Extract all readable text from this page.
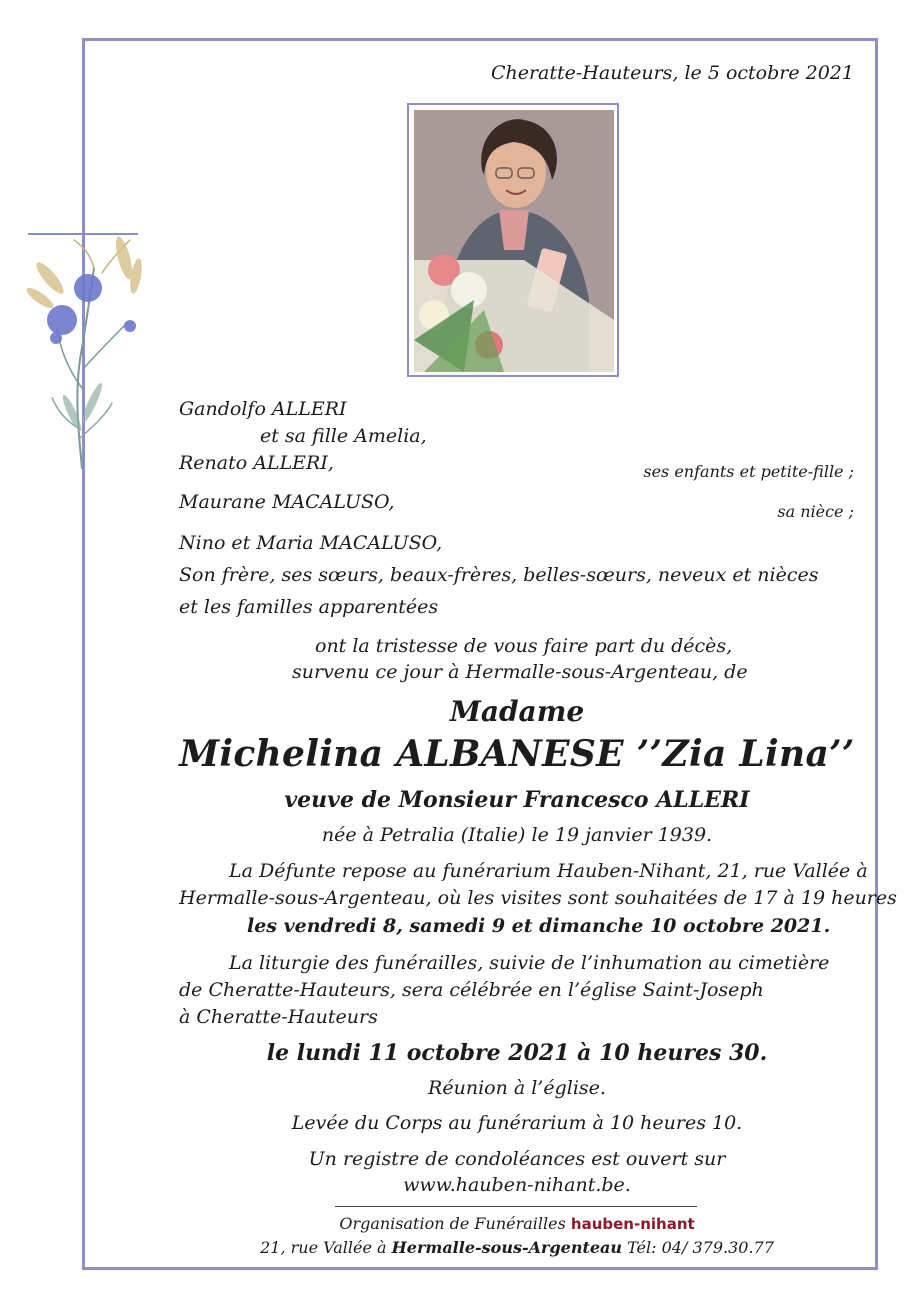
Cheratte-Hauteurs, le 5 octobre 2021
Gandolfo ALLERI
et sa fille Amelia,
Renato ALLERI,	ses enfants et petite-fille ;
Maurane MACALUSO,	sa nièce ;
Nino et Maria MACALUSO,
Son frère, ses sœurs, beaux-frères, belles-sœurs, neveux et nièces
et les familles apparentées
ont la tristesse de vous faire part du décès,
survenu ce jour à Hermalle-sous-Argenteau, de
Madame
Michelina ALBANESE ’’Zia Lina’’
veuve de Monsieur Francesco ALLERI
née à Petralia (Italie) le 19 janvier 1939.
La Défunte repose au funérarium Hauben-Nihant, 21, rue Vallée à
Hermalle-sous-Argenteau, où les visites sont souhaitées de 17 à 19 heures
les vendredi 8, samedi 9 et dimanche 10 octobre 2021.
La liturgie des funérailles, suivie de l’inhumation au cimetière
de Cheratte-Hauteurs, sera célébrée en l’église Saint-Joseph
à Cheratte-Hauteurs
le lundi 11 octobre 2021 à 10 heures 30.
Réunion à l’église.
Levée du Corps au funérarium à 10 heures 10.
Un registre de condoléances est ouvert sur
www.hauben-nihant.be.
Organisation de Funérailles hauben-nihant
21, rue Vallée à Hermalle-sous-Argenteau Tél: 04/ 379.30.77
